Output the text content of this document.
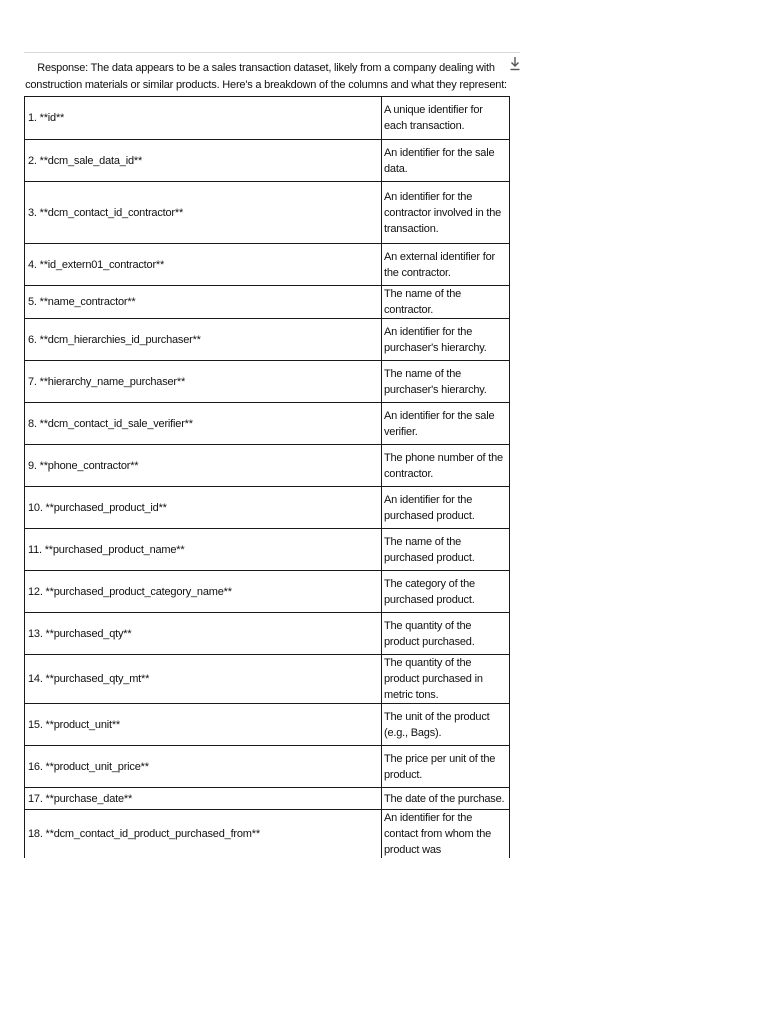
Response: The data appears to be a sales transaction dataset, likely from a company dealing with construction materials or similar products. Here's a breakdown of the columns and what they represent:

1. **id**	A unique identifier for each transaction.
2. **dcm_sale_data_id**	An identifier for the sale data.
3. **dcm_contact_id_contractor**	An identifier for the contractor involved in the transaction.
4. **id_extern01_contractor**	An external identifier for the contractor.
5. **name_contractor**	The name of the contractor.
6. **dcm_hierarchies_id_purchaser**	An identifier for the purchaser's hierarchy.
7. **hierarchy_name_purchaser**	The name of the purchaser's hierarchy.
8. **dcm_contact_id_sale_verifier**	An identifier for the sale verifier.
9. **phone_contractor**	The phone number of the contractor.
10. **purchased_product_id**	An identifier for the purchased product.
11. **purchased_product_name**	The name of the purchased product.
12. **purchased_product_category_name**	The category of the purchased product.
13. **purchased_qty**	The quantity of the product purchased.
14. **purchased_qty_mt**	The quantity of the product purchased in metric tons.
15. **product_unit**	The unit of the product (e.g., Bags).
16. **product_unit_price**	The price per unit of the product.
17. **purchase_date**	The date of the purchase.
18. **dcm_contact_id_product_purchased_from**	An identifier for the contact from whom the product was
